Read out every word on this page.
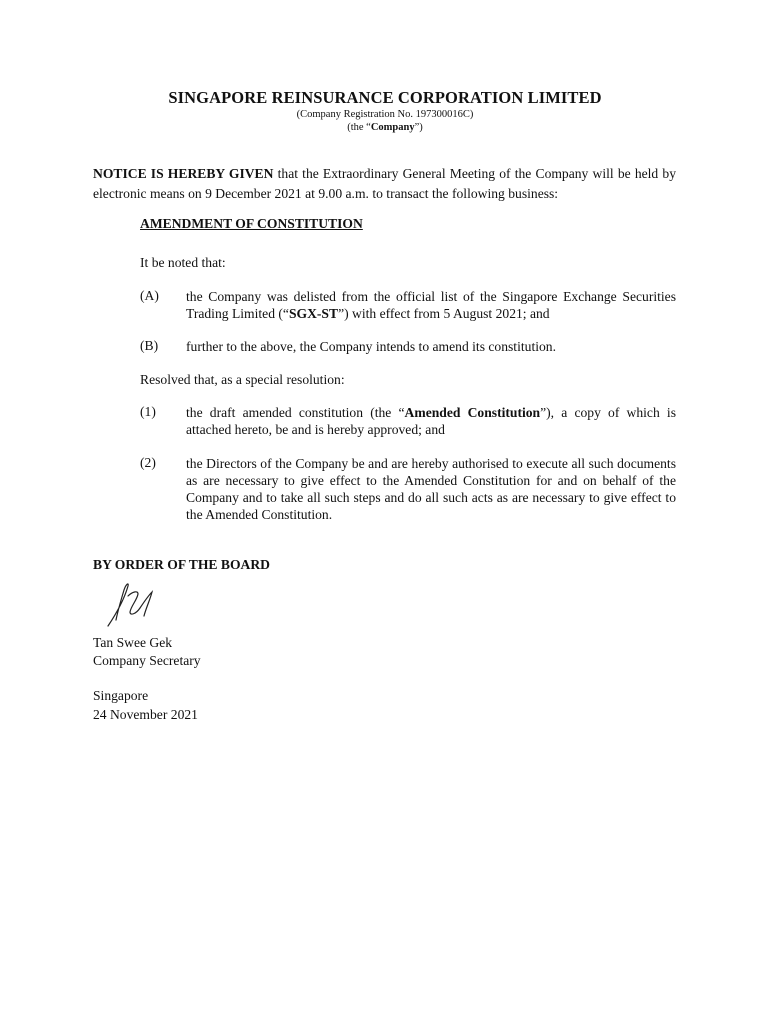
SINGAPORE REINSURANCE CORPORATION LIMITED
(Company Registration No. 197300016C)
(the “Company”)
NOTICE IS HEREBY GIVEN that the Extraordinary General Meeting of the Company will be held by electronic means on 9 December 2021 at 9.00 a.m. to transact the following business:
AMENDMENT OF CONSTITUTION
It be noted that:
(A) the Company was delisted from the official list of the Singapore Exchange Securities Trading Limited (“SGX-ST”) with effect from 5 August 2021; and
(B) further to the above, the Company intends to amend its constitution.
Resolved that, as a special resolution:
(1) the draft amended constitution (the “Amended Constitution”), a copy of which is attached hereto, be and is hereby approved; and
(2) the Directors of the Company be and are hereby authorised to execute all such documents as are necessary to give effect to the Amended Constitution for and on behalf of the Company and to take all such steps and do all such acts as are necessary to give effect to the Amended Constitution.
BY ORDER OF THE BOARD
Tan Swee Gek
Company Secretary
Singapore
24 November 2021
